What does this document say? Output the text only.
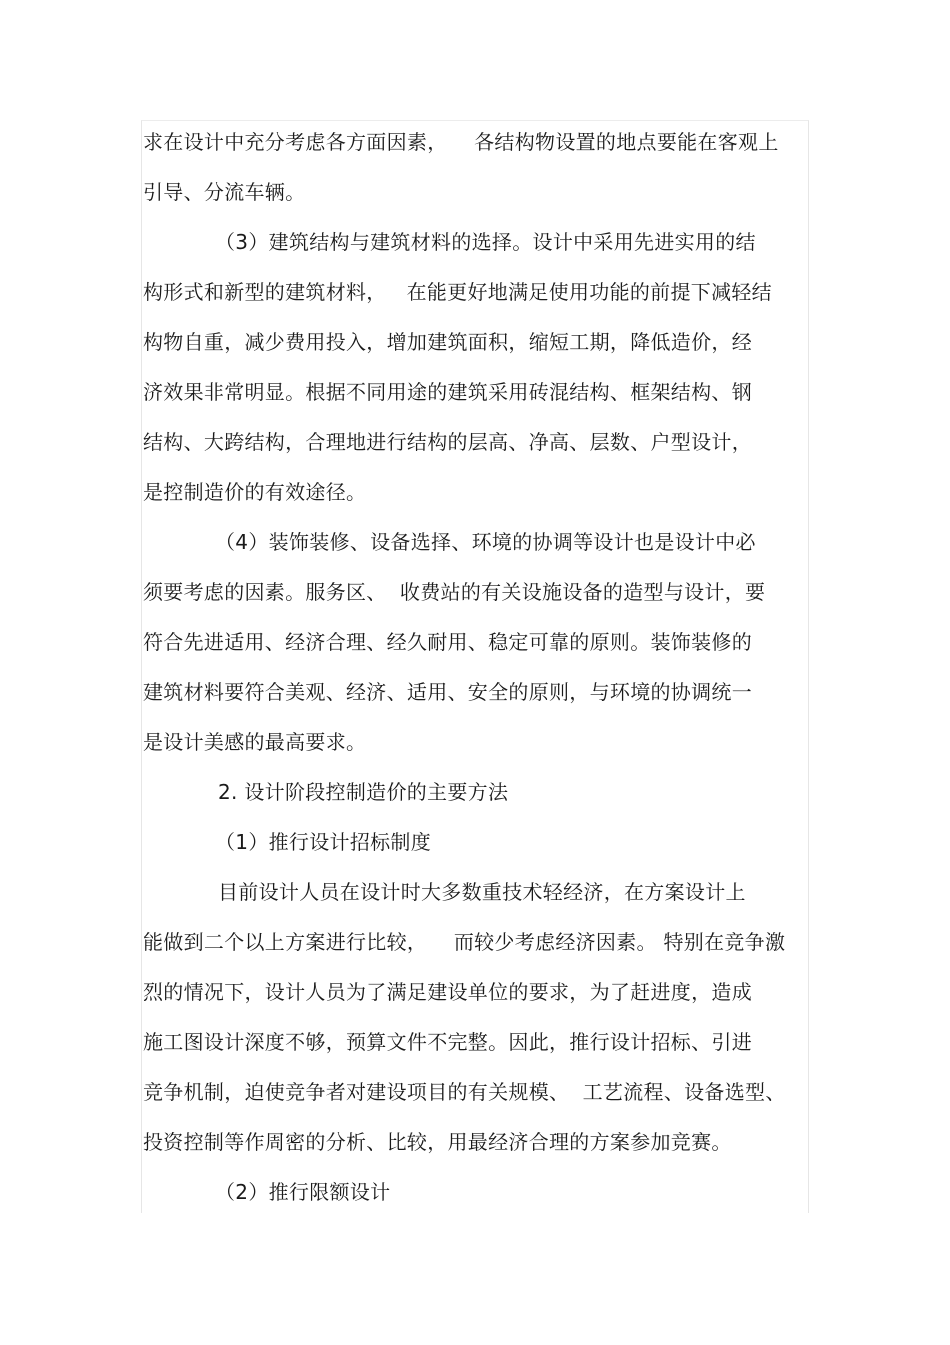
求在设计中充分考虑各方面因素，    各结构物设置的地点要能在客观上
引导、分流车辆。
（3）建筑结构与建筑材料的选择。设计中采用先进实用的结
构形式和新型的建筑材料，   在能更好地满足使用功能的前提下减轻结
构物自重，减少费用投入，增加建筑面积，缩短工期，降低造价，经
济效果非常明显。根据不同用途的建筑采用砖混结构、框架结构、钢
结构、大跨结构，合理地进行结构的层高、净高、层数、户型设计，
是控制造价的有效途径。
（4）装饰装修、设备选择、环境的协调等设计也是设计中必
须要考虑的因素。服务区、  收费站的有关设施设备的造型与设计，要
符合先进适用、经济合理、经久耐用、稳定可靠的原则。装饰装修的
建筑材料要符合美观、经济、适用、安全的原则，与环境的协调统一
是设计美感的最高要求。
2. 设计阶段控制造价的主要方法
（1）推行设计招标制度
目前设计人员在设计时大多数重技术轻经济，在方案设计上
能做到二个以上方案进行比较，    而较少考虑经济因素。 特别在竞争激
烈的情况下，设计人员为了满足建设单位的要求，为了赶进度，造成
施工图设计深度不够，预算文件不完整。因此，推行设计招标、引进
竞争机制，迫使竞争者对建设项目的有关规模、  工艺流程、设备选型、
投资控制等作周密的分析、比较，用最经济合理的方案参加竞赛。
（2）推行限额设计
